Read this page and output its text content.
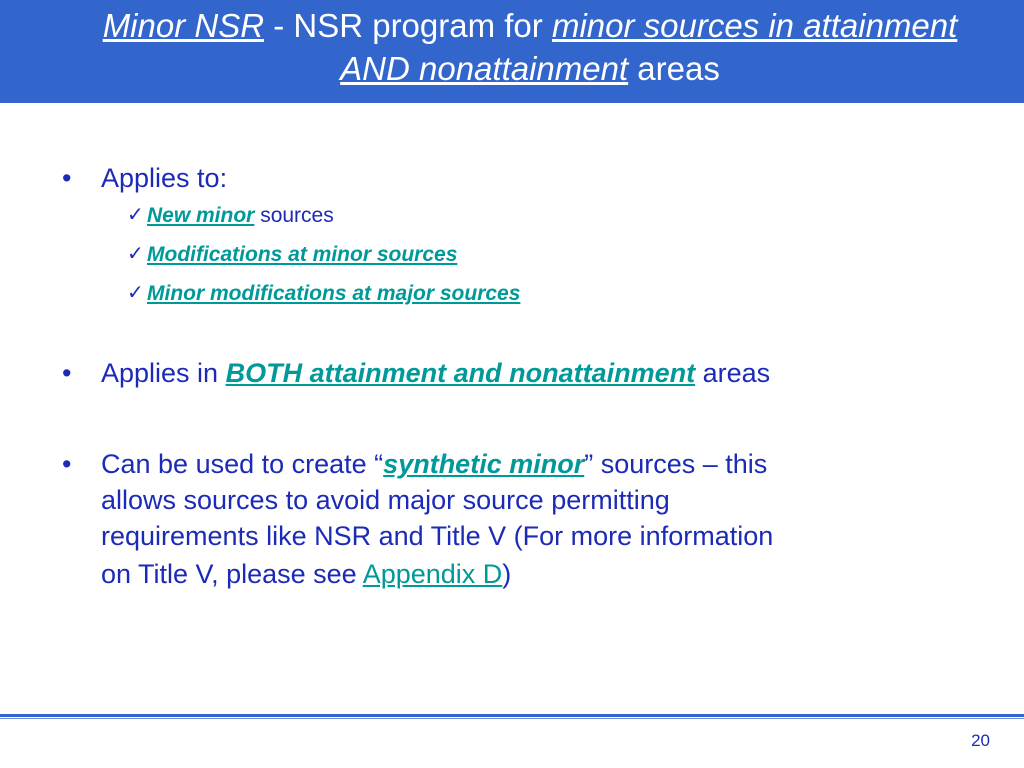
Minor NSR - NSR program for minor sources in attainment AND nonattainment areas
• Applies to:
✓ New minor sources
✓ Modifications at minor sources
✓ Minor modifications at major sources
• Applies in BOTH attainment and nonattainment areas
• Can be used to create “synthetic minor” sources – this
allows sources to avoid major source permitting
requirements like NSR and Title V (For more information
on Title V, please see Appendix D)
20
